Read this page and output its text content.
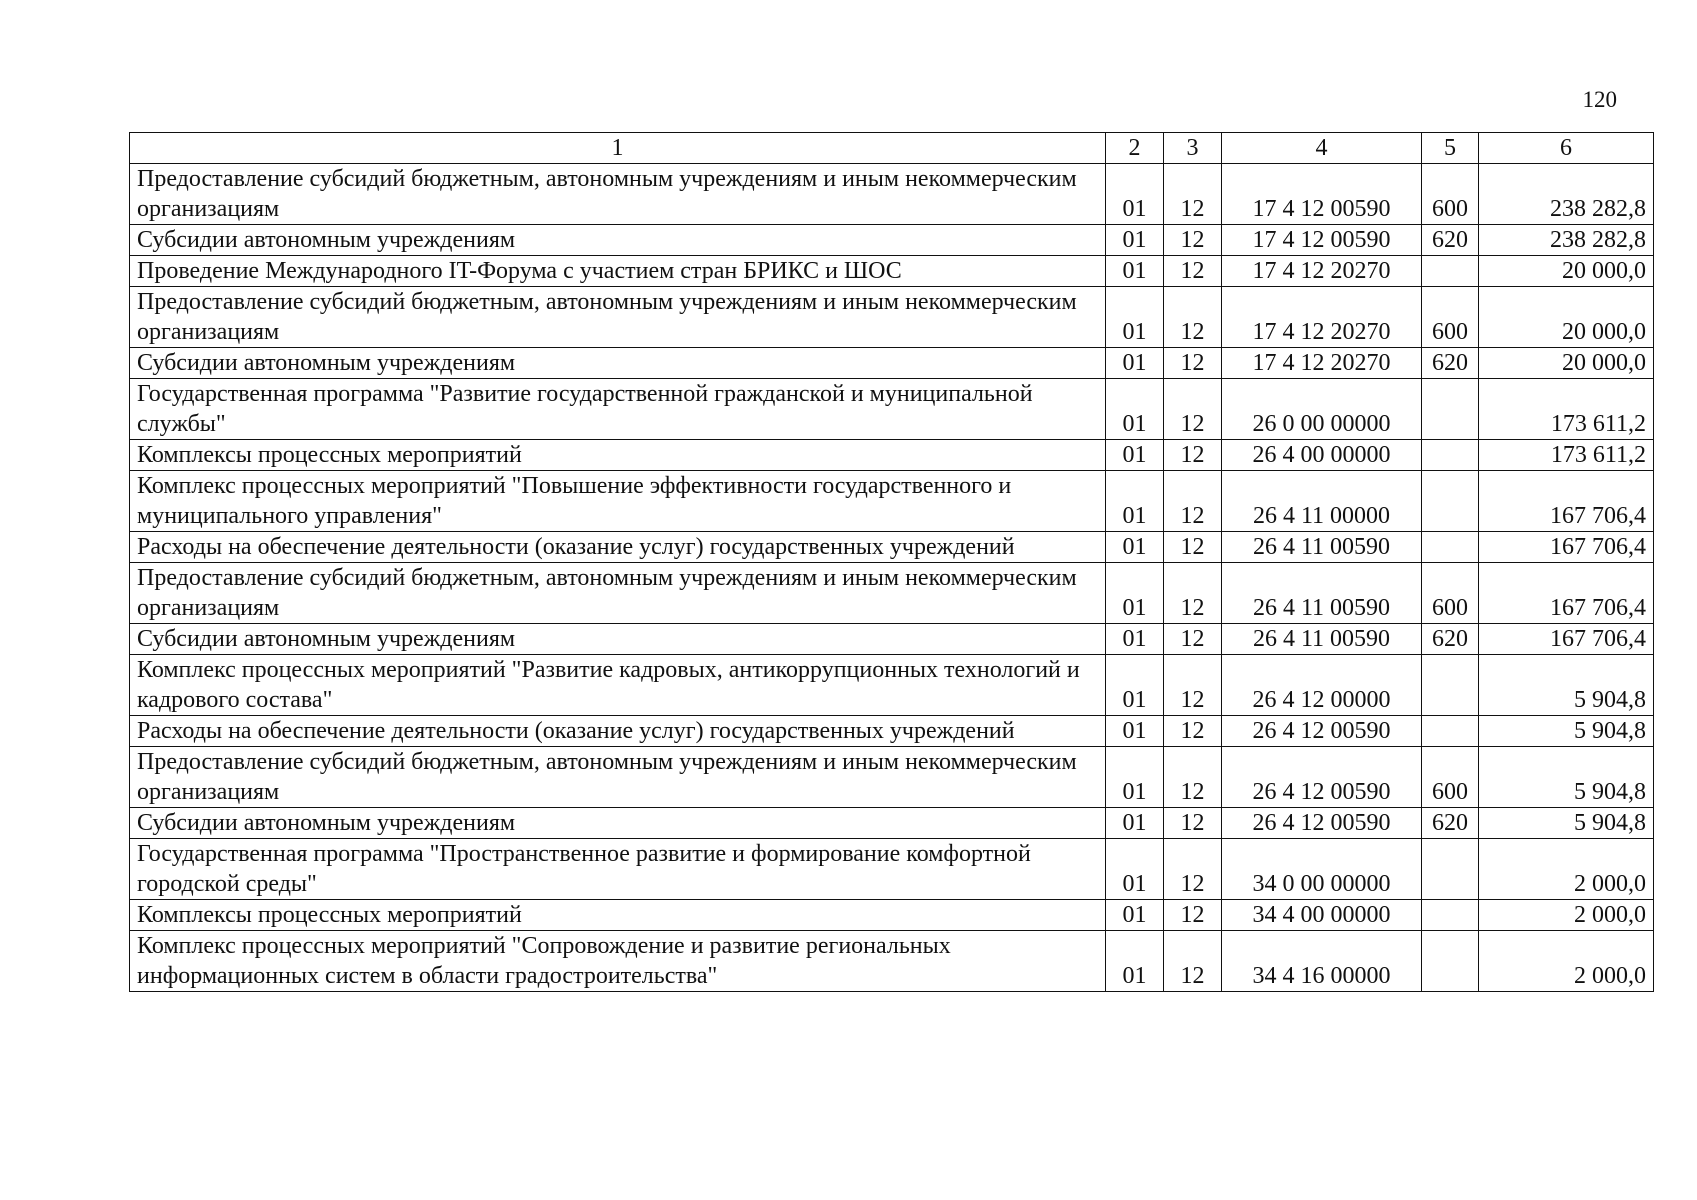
120
1	2	3	4	5	6
Предоставление субсидий бюджетным, автономным учреждениям и иным некоммерческим организациям	01	12	17 4 12 00590	600	238 282,8
Субсидии автономным учреждениям	01	12	17 4 12 00590	620	238 282,8
Проведение Международного IT-Форума с участием стран БРИКС и ШОС	01	12	17 4 12 20270		20 000,0
Предоставление субсидий бюджетным, автономным учреждениям и иным некоммерческим организациям	01	12	17 4 12 20270	600	20 000,0
Субсидии автономным учреждениям	01	12	17 4 12 20270	620	20 000,0
Государственная программа "Развитие государственной гражданской и муниципальной службы"	01	12	26 0 00 00000		173 611,2
Комплексы процессных мероприятий	01	12	26 4 00 00000		173 611,2
Комплекс процессных мероприятий "Повышение эффективности государственного и муниципального управления"	01	12	26 4 11 00000		167 706,4
Расходы на обеспечение деятельности (оказание услуг) государственных учреждений	01	12	26 4 11 00590		167 706,4
Предоставление субсидий бюджетным, автономным учреждениям и иным некоммерческим организациям	01	12	26 4 11 00590	600	167 706,4
Субсидии автономным учреждениям	01	12	26 4 11 00590	620	167 706,4
Комплекс процессных мероприятий "Развитие кадровых, антикоррупционных технологий и кадрового состава"	01	12	26 4 12 00000		5 904,8
Расходы на обеспечение деятельности (оказание услуг) государственных учреждений	01	12	26 4 12 00590		5 904,8
Предоставление субсидий бюджетным, автономным учреждениям и иным некоммерческим организациям	01	12	26 4 12 00590	600	5 904,8
Субсидии автономным учреждениям	01	12	26 4 12 00590	620	5 904,8
Государственная программа "Пространственное развитие и формирование комфортной городской среды"	01	12	34 0 00 00000		2 000,0
Комплексы процессных мероприятий	01	12	34 4 00 00000		2 000,0
Комплекс процессных мероприятий "Сопровождение и развитие региональных информационных систем в области градостроительства"	01	12	34 4 16 00000		2 000,0
